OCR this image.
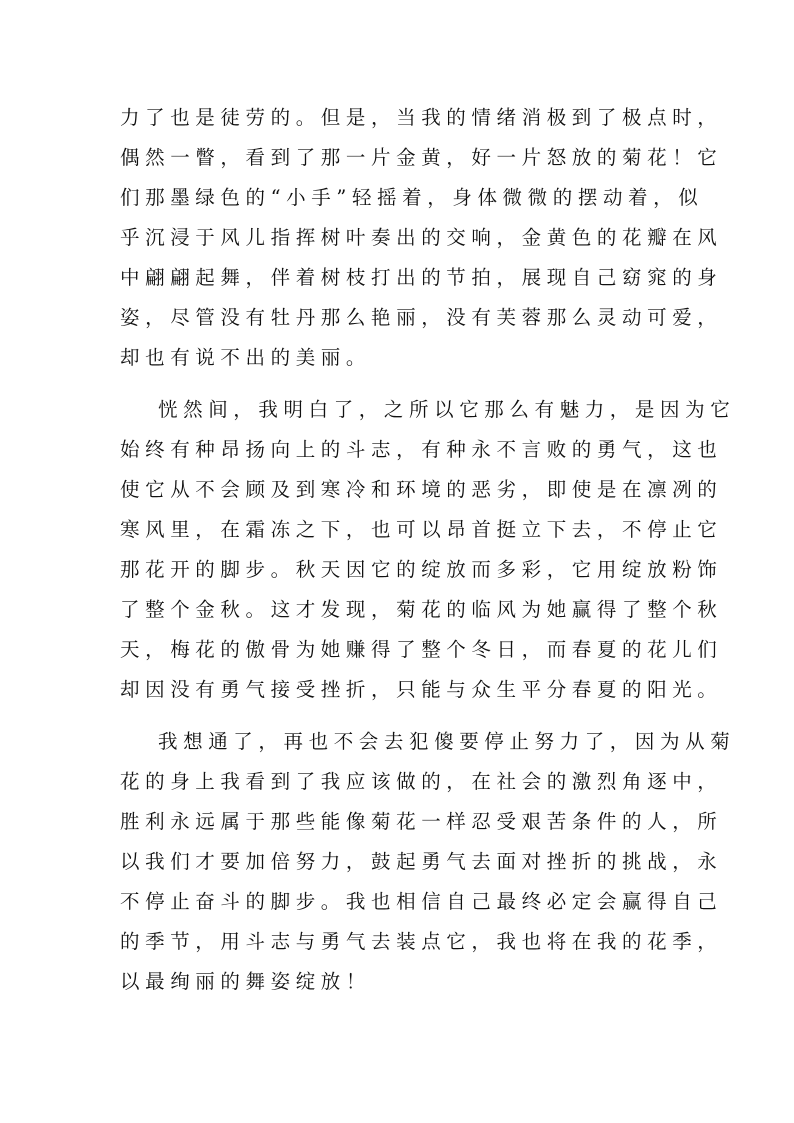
力了也是徒劳的。但是，当我的情绪消极到了极点时，
偶然一瞥，看到了那一片金黄，好一片怒放的菊花！它
们那墨绿色的“小手”轻摇着，身体微微的摆动着，似
乎沉浸于风儿指挥树叶奏出的交响，金黄色的花瓣在风
中翩翩起舞，伴着树枝打出的节拍，展现自己窈窕的身
姿，尽管没有牡丹那么艳丽，没有芙蓉那么灵动可爱，
却也有说不出的美丽。
恍然间，我明白了，之所以它那么有魅力，是因为它
始终有种昂扬向上的斗志，有种永不言败的勇气，这也
使它从不会顾及到寒冷和环境的恶劣，即使是在凛冽的
寒风里，在霜冻之下，也可以昂首挺立下去，不停止它
那花开的脚步。秋天因它的绽放而多彩，它用绽放粉饰
了整个金秋。这才发现，菊花的临风为她赢得了整个秋
天，梅花的傲骨为她赚得了整个冬日，而春夏的花儿们
却因没有勇气接受挫折，只能与众生平分春夏的阳光。
我想通了，再也不会去犯傻要停止努力了，因为从菊
花的身上我看到了我应该做的，在社会的激烈角逐中，
胜利永远属于那些能像菊花一样忍受艰苦条件的人，所
以我们才要加倍努力，鼓起勇气去面对挫折的挑战，永
不停止奋斗的脚步。我也相信自己最终必定会赢得自己
的季节，用斗志与勇气去装点它，我也将在我的花季，
以最绚丽的舞姿绽放！
